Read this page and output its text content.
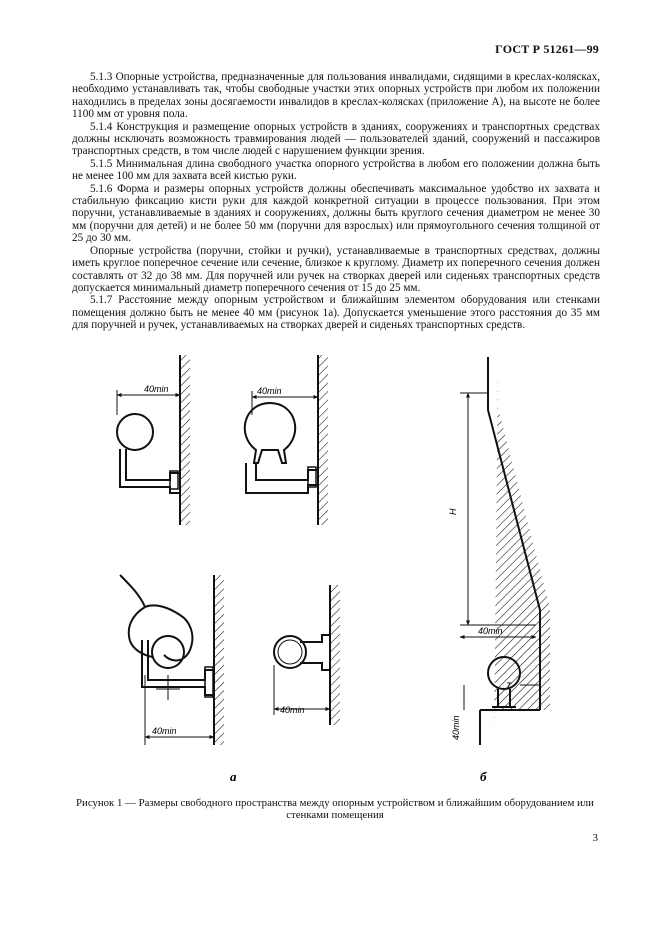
ГОСТ Р 51261—99

5.1.3 Опорные устройства, предназначенные для пользования инвалидами, сидящими в креслах-колясках, необходимо устанавливать так, чтобы свободные участки этих опорных устройств при любом их положении находились в пределах зоны досягаемости инвалидов в креслах-колясках (приложение А), на высоте не более 1100 мм от уровня пола.

5.1.4 Конструкция и размещение опорных устройств в зданиях, сооружениях и транспортных средствах должны исключать возможность травмирования людей — пользователей зданий, сооружений и пассажиров транспортных средств, в том числе людей с нарушением функции зрения.

5.1.5 Минимальная длина свободного участка опорного устройства в любом его положении должна быть не менее 100 мм для захвата всей кистью руки.

5.1.6 Форма и размеры опорных устройств должны обеспечивать максимальное удобство их захвата и стабильную фиксацию кисти руки для каждой конкретной ситуации в процессе пользования. При этом поручни, устанавливаемые в зданиях и сооружениях, должны быть круглого сечения диаметром не менее 30 мм (поручни для детей) и не более 50 мм (поручни для взрослых) или прямоугольного сечения толщиной от 25 до 30 мм.

Опорные устройства (поручни, стойки и ручки), устанавливаемые в транспортных средствах, должны иметь круглое поперечное сечение или сечение, близкое к круглому. Диаметр их поперечного сечения должен составлять от 32 до 38 мм. Для поручней или ручек на створках дверей или сиденьях транспортных средств допускается минимальный диаметр поперечного сечения от 15 до 25 мм.

5.1.7 Расстояние между опорным устройством и ближайшим элементом оборудования или стенками помещения должно быть не менее 40 мм (рисунок 1а). Допускается уменьшение этого расстояния до 35 мм для поручней и ручек, устанавливаемых на створках дверей и сиденьях транспортных средств.

40min	40min
40min
40min
H
40min
T
40min
а	б
Рисунок 1 — Размеры свободного пространства между опорным устройством и ближайшим оборудованием или стенками помещения
3
